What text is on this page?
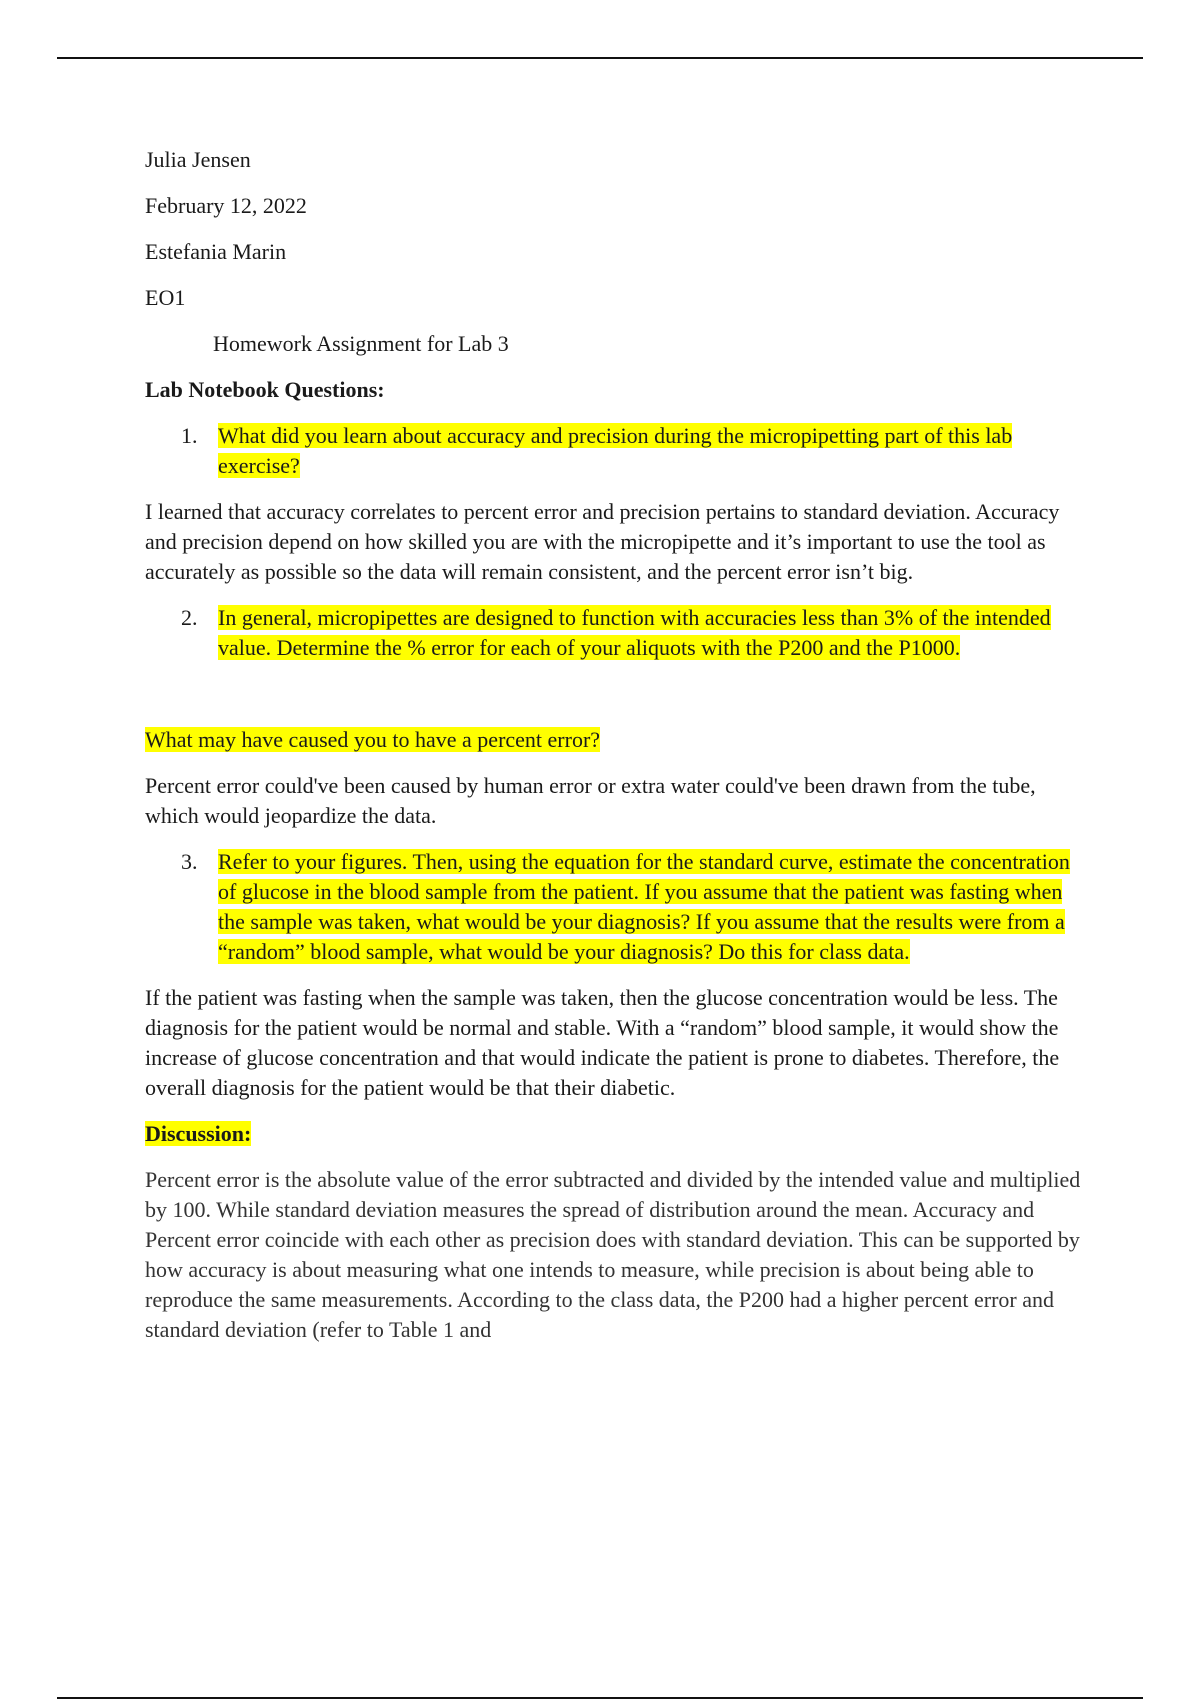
Julia Jensen

February 12, 2022

Estefania Marin

EO1

Homework Assignment for Lab 3

Lab Notebook Questions:

1. What did you learn about accuracy and precision during the micropipetting part of this lab exercise?

I learned that accuracy correlates to percent error and precision pertains to standard deviation. Accuracy and precision depend on how skilled you are with the micropipette and it’s important to use the tool as accurately as possible so the data will remain consistent, and the percent error isn’t big.

2. In general, micropipettes are designed to function with accuracies less than 3% of the intended value. Determine the % error for each of your aliquots with the P200 and the P1000.

What may have caused you to have a percent error?

Percent error could've been caused by human error or extra water could've been drawn from the tube, which would jeopardize the data.

3. Refer to your figures. Then, using the equation for the standard curve, estimate the concentration of glucose in the blood sample from the patient. If you assume that the patient was fasting when the sample was taken, what would be your diagnosis? If you assume that the results were from a “random” blood sample, what would be your diagnosis? Do this for class data.

If the patient was fasting when the sample was taken, then the glucose concentration would be less. The diagnosis for the patient would be normal and stable. With a “random” blood sample, it would show the increase of glucose concentration and that would indicate the patient is prone to diabetes. Therefore, the overall diagnosis for the patient would be that their diabetic.

Discussion:

Percent error is the absolute value of the error subtracted and divided by the intended value and multiplied by 100. While standard deviation measures the spread of distribution around the mean. Accuracy and Percent error coincide with each other as precision does with standard deviation. This can be supported by how accuracy is about measuring what one intends to measure, while precision is about being able to reproduce the same measurements. According to the class data, the P200 had a higher percent error and standard deviation (refer to Table 1 and
